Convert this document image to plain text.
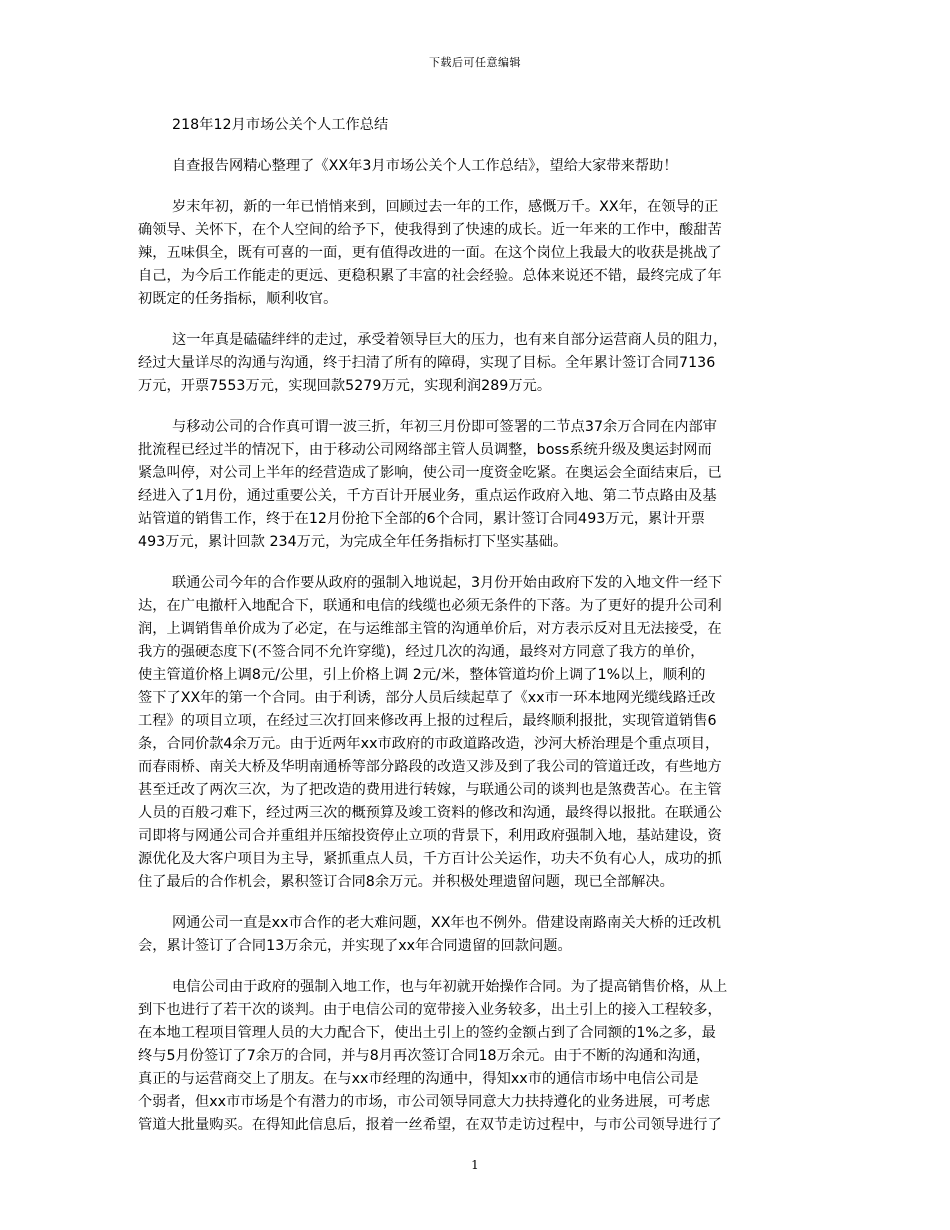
下载后可任意编辑
218年12月市场公关个人工作总结
自查报告网精心整理了《XX年3月市场公关个人工作总结》，望给大家带来帮助！
岁末年初，新的一年已悄悄来到，回顾过去一年的工作，感慨万千。XX年，在领导的正
确领导、关怀下，在个人空间的给予下，使我得到了快速的成长。近一年来的工作中，酸甜苦
辣，五味俱全，既有可喜的一面，更有值得改进的一面。在这个岗位上我最大的收获是挑战了
自己，为今后工作能走的更远、更稳积累了丰富的社会经验。总体来说还不错，最终完成了年
初既定的任务指标，顺利收官。
这一年真是磕磕绊绊的走过，承受着领导巨大的压力，也有来自部分运营商人员的阻力，
经过大量详尽的沟通与沟通，终于扫清了所有的障碍，实现了目标。全年累计签订合同7136
万元，开票7553万元，实现回款5279万元，实现利润289万元。
与移动公司的合作真可谓一波三折，年初三月份即可签署的二节点37余万合同在内部审
批流程已经过半的情况下，由于移动公司网络部主管人员调整，boss系统升级及奥运封网而
紧急叫停，对公司上半年的经营造成了影响，使公司一度资金吃紧。在奥运会全面结束后，已
经进入了1月份，通过重要公关，千方百计开展业务，重点运作政府入地、第二节点路由及基
站管道的销售工作，终于在12月份抢下全部的6个合同，累计签订合同493万元，累计开票
493万元，累计回款 234万元，为完成全年任务指标打下坚实基础。
联通公司今年的合作要从政府的强制入地说起，3月份开始由政府下发的入地文件一经下
达，在广电撤杆入地配合下，联通和电信的线缆也必须无条件的下落。为了更好的提升公司利
润，上调销售单价成为了必定，在与运维部主管的沟通单价后，对方表示反对且无法接受，在
我方的强硬态度下(不签合同不允许穿缆)，经过几次的沟通，最终对方同意了我方的单价，
使主管道价格上调8元/公里，引上价格上调 2元/米，整体管道均价上调了1%以上，顺利的
签下了XX年的第一个合同。由于利诱，部分人员后续起草了《xx市一环本地网光缆线路迁改
工程》的项目立项，在经过三次打回来修改再上报的过程后，最终顺利报批，实现管道销售6
条，合同价款4余万元。由于近两年xx市政府的市政道路改造，沙河大桥治理是个重点项目，
而春雨桥、南关大桥及华明南通桥等部分路段的改造又涉及到了我公司的管道迁改，有些地方
甚至迁改了两次三次，为了把改造的费用进行转嫁，与联通公司的谈判也是煞费苦心。在主管
人员的百般刁难下，经过两三次的概预算及竣工资料的修改和沟通，最终得以报批。在联通公
司即将与网通公司合并重组并压缩投资停止立项的背景下，利用政府强制入地，基站建设，资
源优化及大客户项目为主导，紧抓重点人员，千方百计公关运作，功夫不负有心人，成功的抓
住了最后的合作机会，累积签订合同8余万元。并积极处理遗留问题，现已全部解决。
网通公司一直是xx市合作的老大难问题，XX年也不例外。借建设南路南关大桥的迁改机
会，累计签订了合同13万余元，并实现了xx年合同遗留的回款问题。
电信公司由于政府的强制入地工作，也与年初就开始操作合同。为了提高销售价格，从上
到下也进行了若干次的谈判。由于电信公司的宽带接入业务较多，出土引上的接入工程较多，
在本地工程项目管理人员的大力配合下，使出土引上的签约金额占到了合同额的1%之多，最
终与5月份签订了7余万的合同，并与8月再次签订合同18万余元。由于不断的沟通和沟通，
真正的与运营商交上了朋友。在与xx市经理的沟通中，得知xx市的通信市场中电信公司是
个弱者，但xx市市场是个有潜力的市场，市公司领导同意大力扶持遵化的业务进展，可考虑
管道大批量购买。在得知此信息后，报着一丝希望，在双节走访过程中，与市公司领导进行了
1
